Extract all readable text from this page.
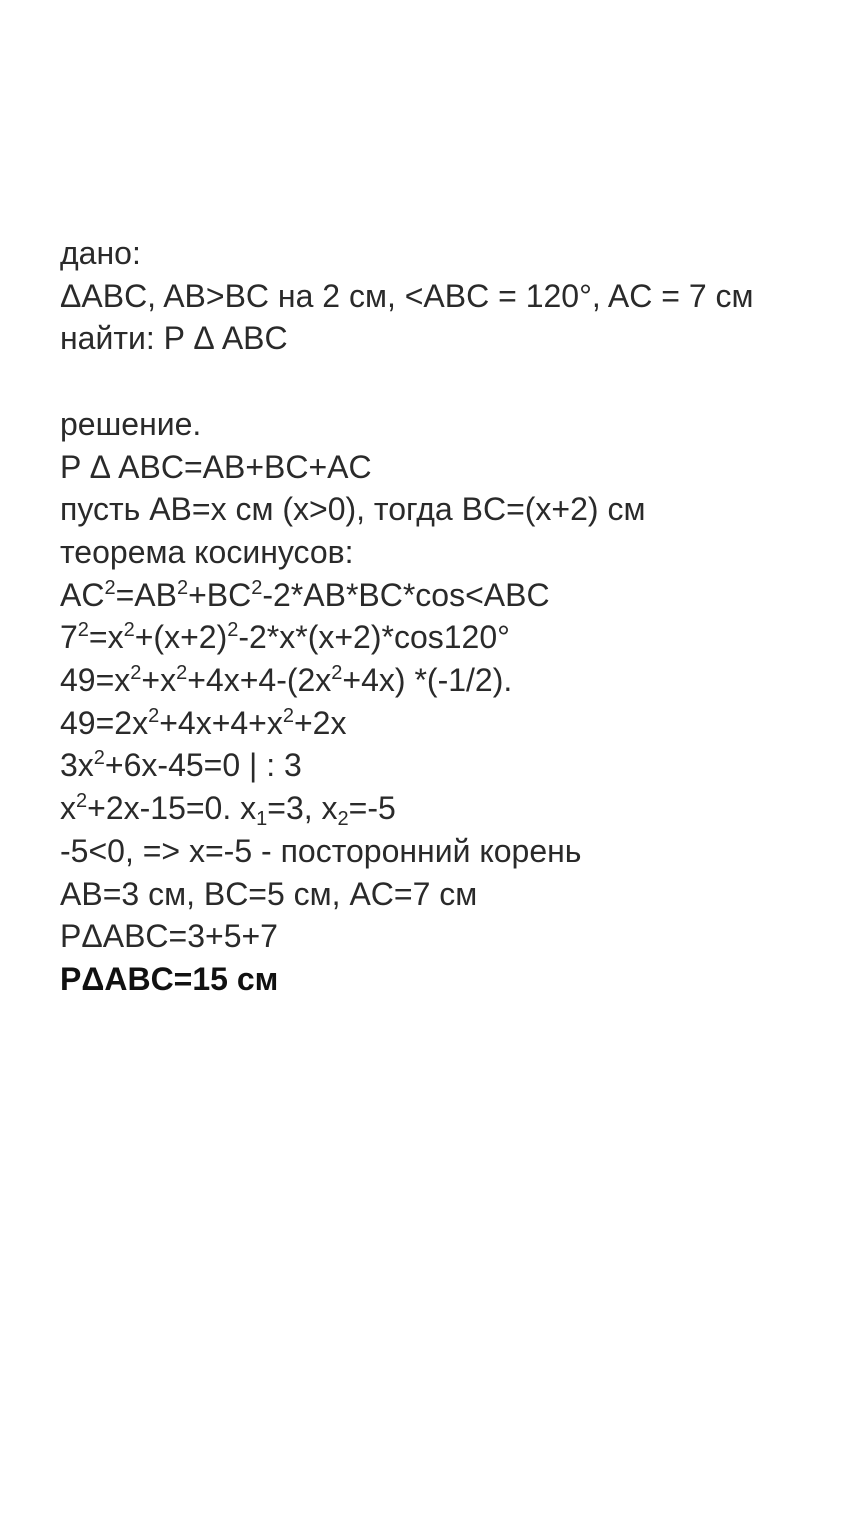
дано:
ΔABC, AB>BC на 2 см, <ABC = 120°, AC = 7 см
найти: P Δ ABC
решение.
P Δ ABC=AB+BC+AC
пусть AB=x см (x>0), тогда BC=(x+2) см
теорема косинусов:
$AC^2=AB^2+BC^2-2*AB*BC*\cos<ABC$
$7^2=x^2+(x+2)^2-2*x*(x+2)*\cos 120^\circ$
$49=x^2+x^2+4x+4-(2x^2+4x)$ *(-1/2).
$49=2x^2+4x+4+x^2+2x$
$3x^2+6x-45=0$ | : 3
$x^2+2x-15=0$. $x_1=3$, $x_2=-5$
-5<0, => x=-5 - посторонний корень
AB=3 см, BC=5 см, AC=7 см
PΔABC=3+5+7
PΔABC=15 см
